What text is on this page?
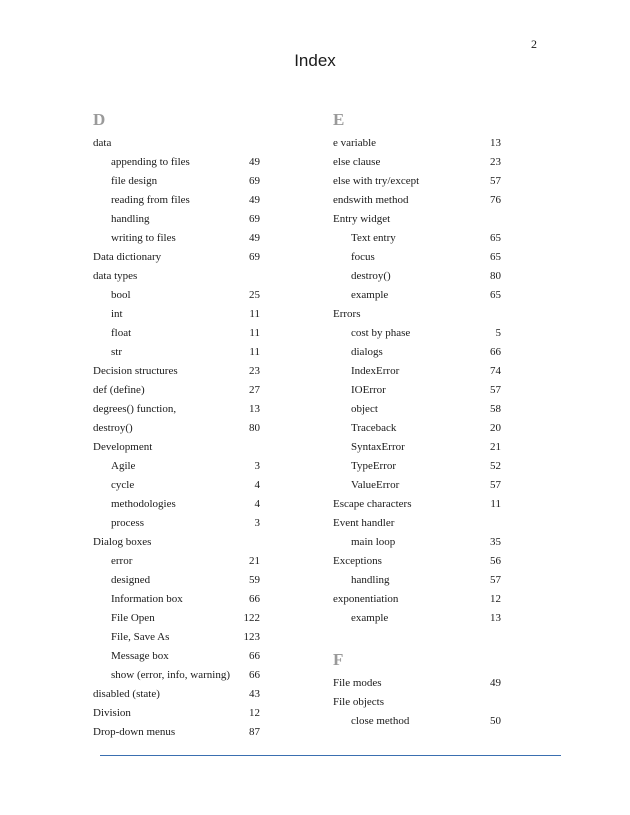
2
Index
D
data
appending to files	49
file design	69
reading from files	49
handling	69
writing to files	49
Data dictionary	69
data types
bool	25
int	11
float	11
str	11
Decision structures	23
def (define)	27
degrees() function,	13
destroy()	80
Development
Agile	3
cycle	4
methodologies	4
process	3
Dialog boxes
error	21
designed	59
Information box	66
File Open	122
File, Save As	123
Message box	66
show (error, info, warning) 66
disabled (state)	43
Division	12
Drop-down menus	87
E
e variable	13
else clause	23
else with try/except	57
endswith method	76
Entry widget
Text entry	65
focus	65
destroy()	80
example	65
Errors
cost by phase	5
dialogs	66
IndexError	74
IOError	57
object	58
Traceback	20
SyntaxError	21
TypeError	52
ValueError	57
Escape characters	11
Event handler
main loop	35
Exceptions	56
handling	57
exponentiation	12
example	13
F
File modes	49
File objects
close method	50
